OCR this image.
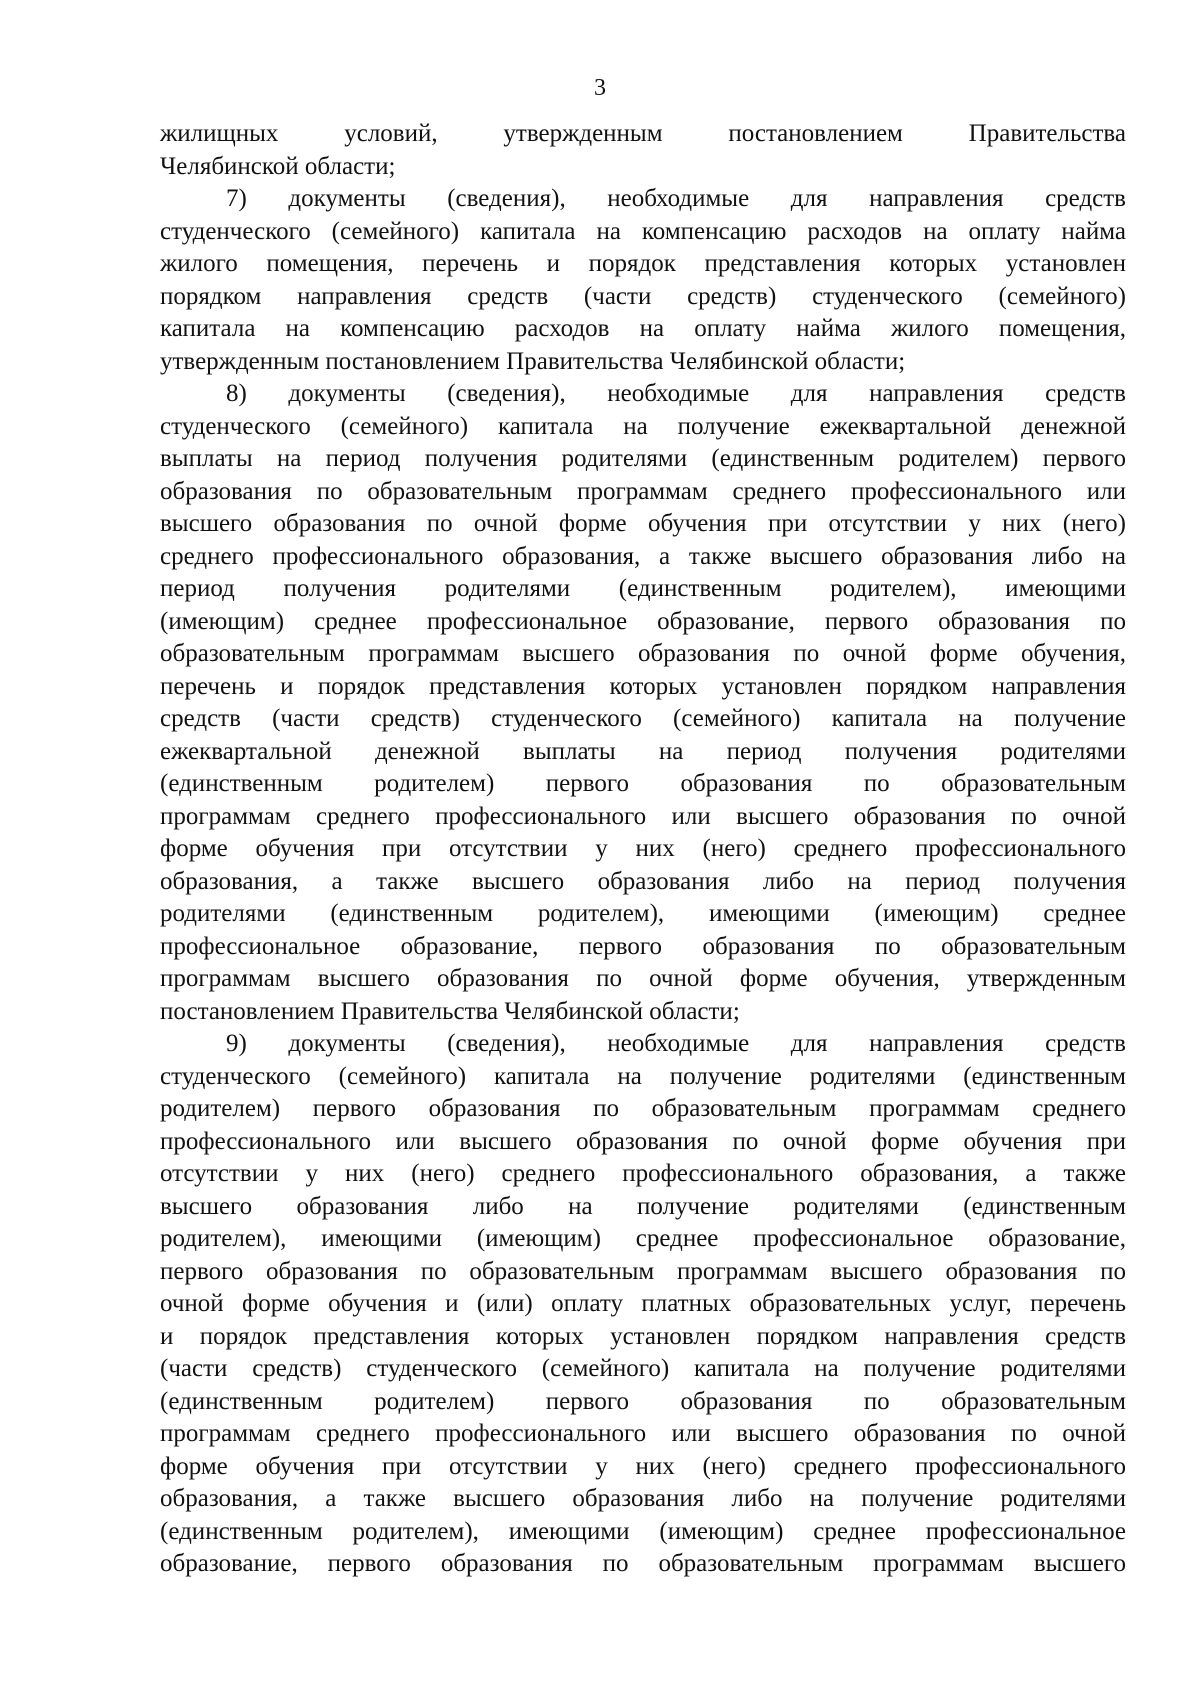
3
жилищных условий, утвержденным постановлением Правительства
Челябинской области;
7) документы (сведения), необходимые для направления средств
студенческого (семейного) капитала на компенсацию расходов на оплату найма
жилого помещения, перечень и порядок представления которых установлен
порядком направления средств (части средств) студенческого (семейного)
капитала на компенсацию расходов на оплату найма жилого помещения,
утвержденным постановлением Правительства Челябинской области;
8) документы (сведения), необходимые для направления средств
студенческого (семейного) капитала на получение ежеквартальной денежной
выплаты на период получения родителями (единственным родителем) первого
образования по образовательным программам среднего профессионального или
высшего образования по очной форме обучения при отсутствии у них (него)
среднего профессионального образования, а также высшего образования либо на
период получения родителями (единственным родителем), имеющими
(имеющим) среднее профессиональное образование, первого образования по
образовательным программам высшего образования по очной форме обучения,
перечень и порядок представления которых установлен порядком направления
средств (части средств) студенческого (семейного) капитала на получение
ежеквартальной денежной выплаты на период получения родителями
(единственным родителем) первого образования по образовательным
программам среднего профессионального или высшего образования по очной
форме обучения при отсутствии у них (него) среднего профессионального
образования, а также высшего образования либо на период получения
родителями (единственным родителем), имеющими (имеющим) среднее
профессиональное образование, первого образования по образовательным
программам высшего образования по очной форме обучения, утвержденным
постановлением Правительства Челябинской области;
9) документы (сведения), необходимые для направления средств
студенческого (семейного) капитала на получение родителями (единственным
родителем) первого образования по образовательным программам среднего
профессионального или высшего образования по очной форме обучения при
отсутствии у них (него) среднего профессионального образования, а также
высшего образования либо на получение родителями (единственным
родителем), имеющими (имеющим) среднее профессиональное образование,
первого образования по образовательным программам высшего образования по
очной форме обучения и (или) оплату платных образовательных услуг, перечень
и порядок представления которых установлен порядком направления средств
(части средств) студенческого (семейного) капитала на получение родителями
(единственным родителем) первого образования по образовательным
программам среднего профессионального или высшего образования по очной
форме обучения при отсутствии у них (него) среднего профессионального
образования, а также высшего образования либо на получение родителями
(единственным родителем), имеющими (имеющим) среднее профессиональное
образование, первого образования по образовательным программам высшего
